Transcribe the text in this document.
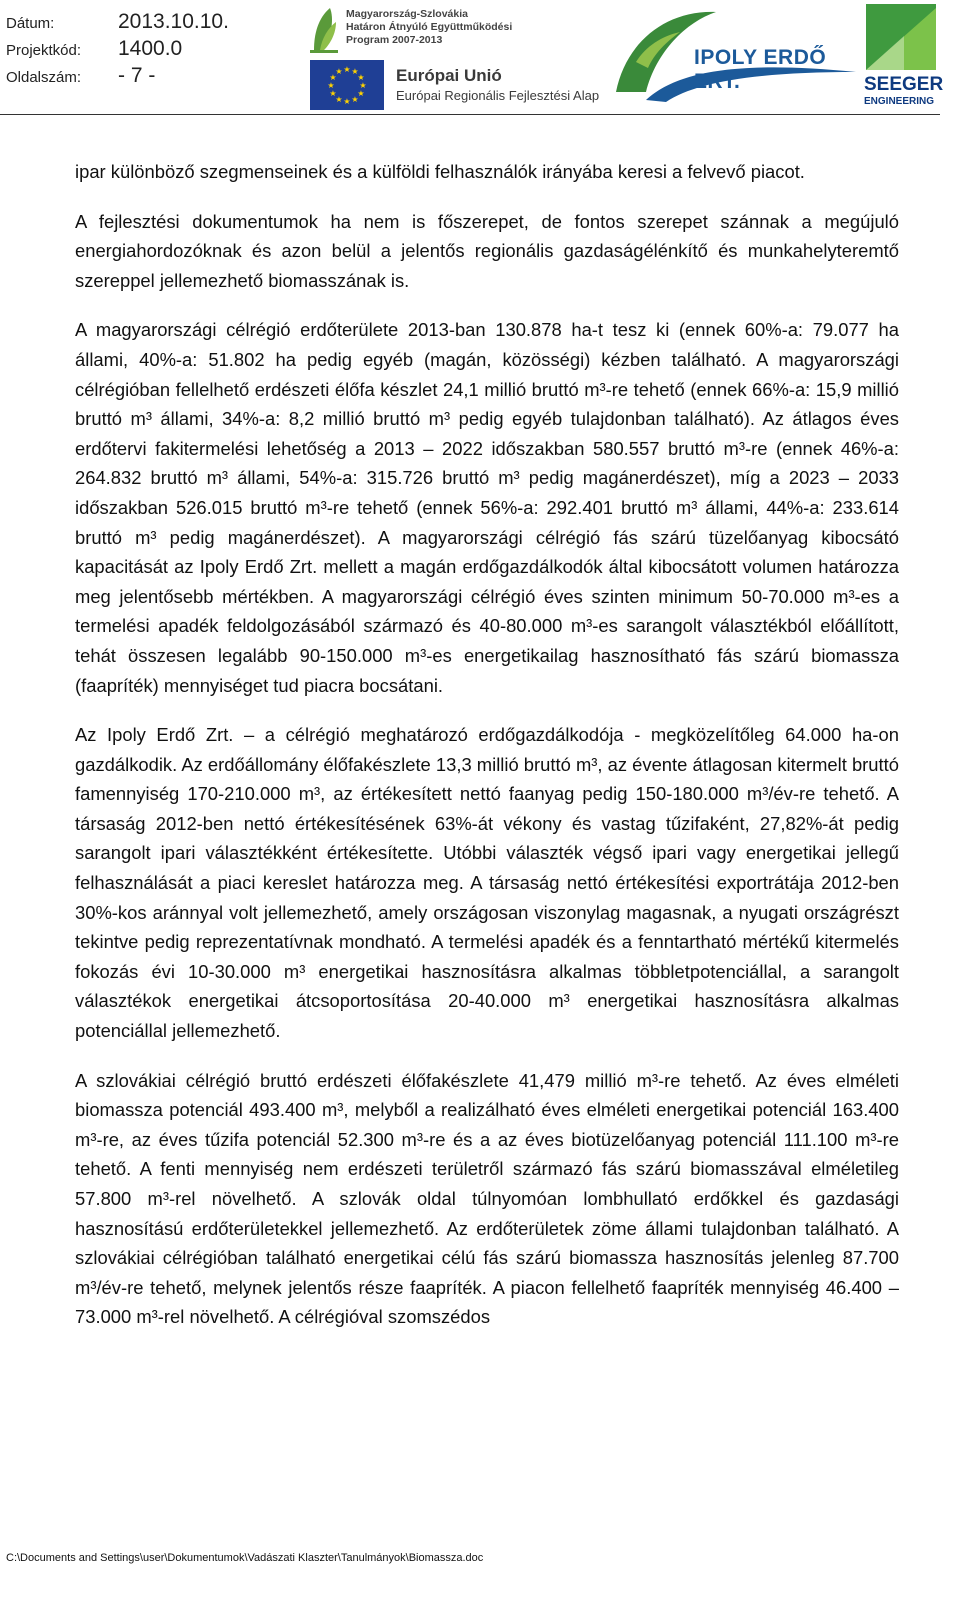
Dátum:	2013.10.10.
Projektkód:	1400.0
Oldalszám:	- 7 -
Magyarország-Szlovákia
Határon Átnyúló Együttműködési
Program 2007-2013
★ ★
★
★
★
★
★
★
★
★
★
★	Európai Unió
Európai Regionális Fejlesztési Alap
IPOLY ERDŐ ZRT.	SEEGER
ENGINEERING

ipar különböző szegmenseinek és a külföldi felhasználók irányába keresi a felvevő piacot.

A fejlesztési dokumentumok ha nem is főszerepet, de fontos szerepet szánnak a megújuló energiahordozóknak és azon belül a jelentős regionális gazdaságélénkítő és munkahelyteremtő szereppel jellemezhető biomasszának is.

A magyarországi célrégió erdőterülete 2013-ban 130.878 ha-t tesz ki (ennek 60%-a: 79.077 ha állami, 40%-a: 51.802 ha pedig egyéb (magán, közösségi) kézben található. A magyarországi célrégióban fellelhető erdészeti élőfa készlet 24,1 millió bruttó m³-re tehető (ennek 66%-a: 15,9 millió bruttó m³ állami, 34%-a: 8,2 millió bruttó m³ pedig egyéb tulajdonban található). Az átlagos éves erdőtervi fakitermelési lehetőség a 2013 – 2022 időszakban 580.557 bruttó m³-re (ennek 46%-a: 264.832 bruttó m³ állami, 54%-a: 315.726 bruttó m³ pedig magánerdészet), míg a 2023 – 2033 időszakban 526.015 bruttó m³-re tehető (ennek 56%-a: 292.401 bruttó m³ állami, 44%-a: 233.614 bruttó m³ pedig magánerdészet). A magyarországi célrégió fás szárú tüzelőanyag kibocsátó kapacitását az Ipoly Erdő Zrt. mellett a magán erdőgazdálkodók által kibocsátott volumen határozza meg jelentősebb mértékben. A magyarországi célrégió éves szinten minimum 50-70.000 m³-es a termelési apadék feldolgozásából származó és 40-80.000 m³-es sarangolt választékból előállított, tehát összesen legalább 90-150.000 m³-es energetikailag hasznosítható fás szárú biomassza (faapríték) mennyiséget tud piacra bocsátani.

Az Ipoly Erdő Zrt. – a célrégió meghatározó erdőgazdálkodója - megközelítőleg 64.000 ha-on gazdálkodik. Az erdőállomány élőfakészlete 13,3 millió bruttó m³, az évente átlagosan kitermelt bruttó famennyiség 170-210.000 m³, az értékesített nettó faanyag pedig 150-180.000 m³/év-re tehető. A társaság 2012-ben nettó értékesítésének 63%-át vékony és vastag tűzifaként, 27,82%-át pedig sarangolt ipari választékként értékesítette. Utóbbi választék végső ipari vagy energetikai jellegű felhasználását a piaci kereslet határozza meg. A társaság nettó értékesítési exportrátája 2012-ben 30%-kos aránnyal volt jellemezhető, amely országosan viszonylag magasnak, a nyugati országrészt tekintve pedig reprezentatívnak mondható. A termelési apadék és a fenntartható mértékű kitermelés fokozás évi 10-30.000 m³ energetikai hasznosításra alkalmas többletpotenciállal, a sarangolt választékok energetikai átcsoportosítása 20-40.000 m³ energetikai hasznosításra alkalmas potenciállal jellemezhető.

A szlovákiai célrégió bruttó erdészeti élőfakészlete 41,479 millió m³-re tehető. Az éves elméleti biomassza potenciál 493.400 m³, melyből a realizálható éves elméleti energetikai potenciál 163.400 m³-re, az éves tűzifa potenciál 52.300 m³-re és a az éves biotüzelőanyag potenciál 111.100 m³-re tehető. A fenti mennyiség nem erdészeti területről származó fás szárú biomasszával elméletileg 57.800 m³-rel növelhető. A szlovák oldal túlnyomóan lombhullató erdőkkel és gazdasági hasznosítású erdőterületekkel jellemezhető. Az erdőterületek zöme állami tulajdonban található. A szlovákiai célrégióban található energetikai célú fás szárú biomassza hasznosítás jelenleg 87.700 m³/év-re tehető, melynek jelentős része faapríték. A piacon fellelhető faapríték mennyiség 46.400 – 73.000 m³-rel növelhető. A célrégióval szomszédos

C:\Documents and Settings\user\Dokumentumok\Vadászati Klaszter\Tanulmányok\Biomassza.doc
